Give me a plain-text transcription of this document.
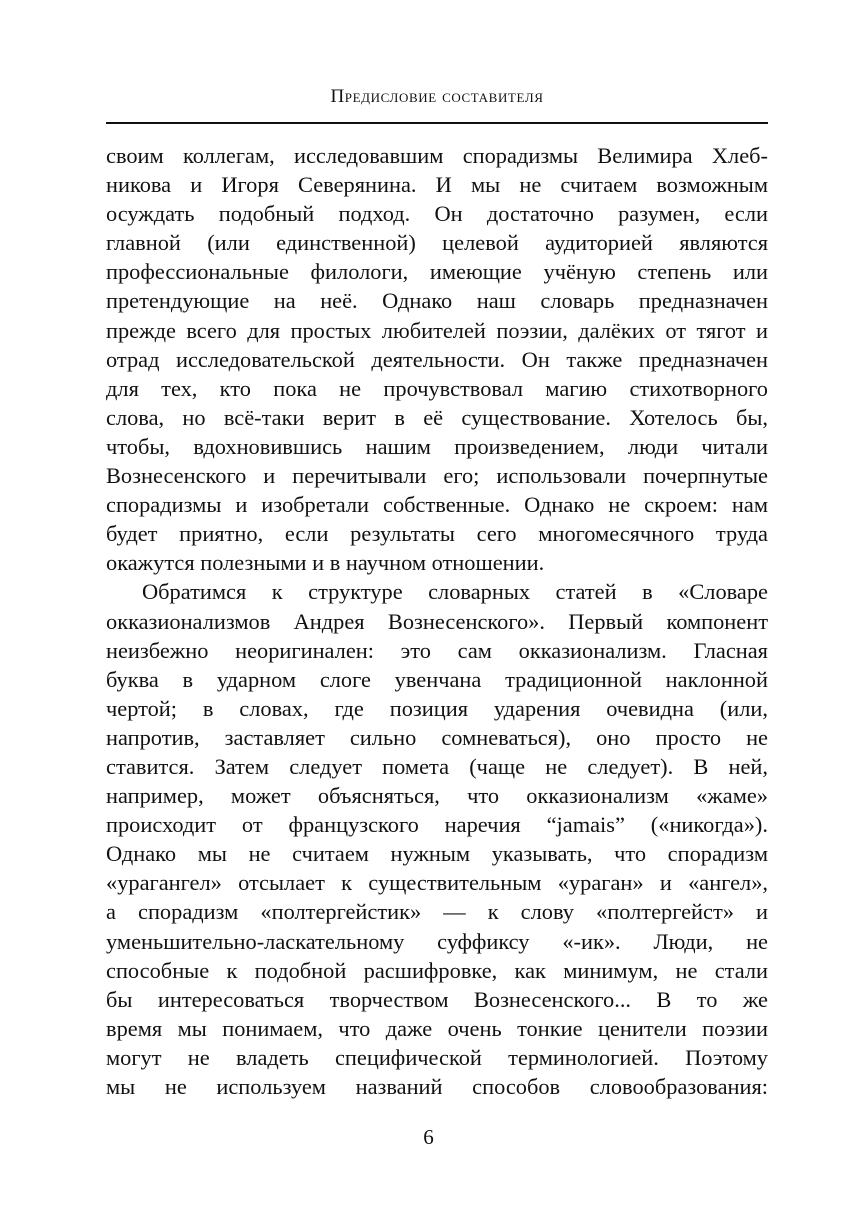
Предисловие составителя
своим коллегам, исследовавшим спорадизмы Велимира Хлеб-
никова и Игоря Северянина. И мы не считаем возможным
осуждать подобный подход. Он достаточно разумен, если
главной (или единственной) целевой аудиторией являются
профессиональные филологи, имеющие учёную степень или
претендующие на неё. Однако наш словарь предназначен
прежде всего для простых любителей поэзии, далёких от тягот и
отрад исследовательской деятельности. Он также предназначен
для тех, кто пока не прочувствовал магию стихотворного
слова, но всё-таки верит в её существование. Хотелось бы,
чтобы, вдохновившись нашим произведением, люди читали
Вознесенского и перечитывали его; использовали почерпнутые
спорадизмы и изобретали собственные. Однако не скроем: нам
будет приятно, если результаты сего многомесячного труда
окажутся полезными и в научном отношении.
Обратимся к структуре словарных статей в «Словаре
окказионализмов Андрея Вознесенского». Первый компонент
неизбежно неоригинален: это сам окказионализм. Гласная
буква в ударном слоге увенчана традиционной наклонной
чертой; в словах, где позиция ударения очевидна (или,
напротив, заставляет сильно сомневаться), оно просто не
ставится. Затем следует помета (чаще не следует). В ней,
например, может объясняться, что окказионализм «жаме»
происходит от французского наречия “jamais” («никогда»).
Однако мы не считаем нужным указывать, что спорадизм
«урагангел» отсылает к существительным «ураган» и «ангел»,
а спорадизм «полтергейстик» — к слову «полтергейст» и
уменьшительно-ласкательному суффиксу «-ик». Люди, не
способные к подобной расшифровке, как минимум, не стали
бы интересоваться творчеством Вознесенского... В то же
время мы понимаем, что даже очень тонкие ценители поэзии
могут не владеть специфической терминологией. Поэтому
мы не используем названий способов словообразования:
6
